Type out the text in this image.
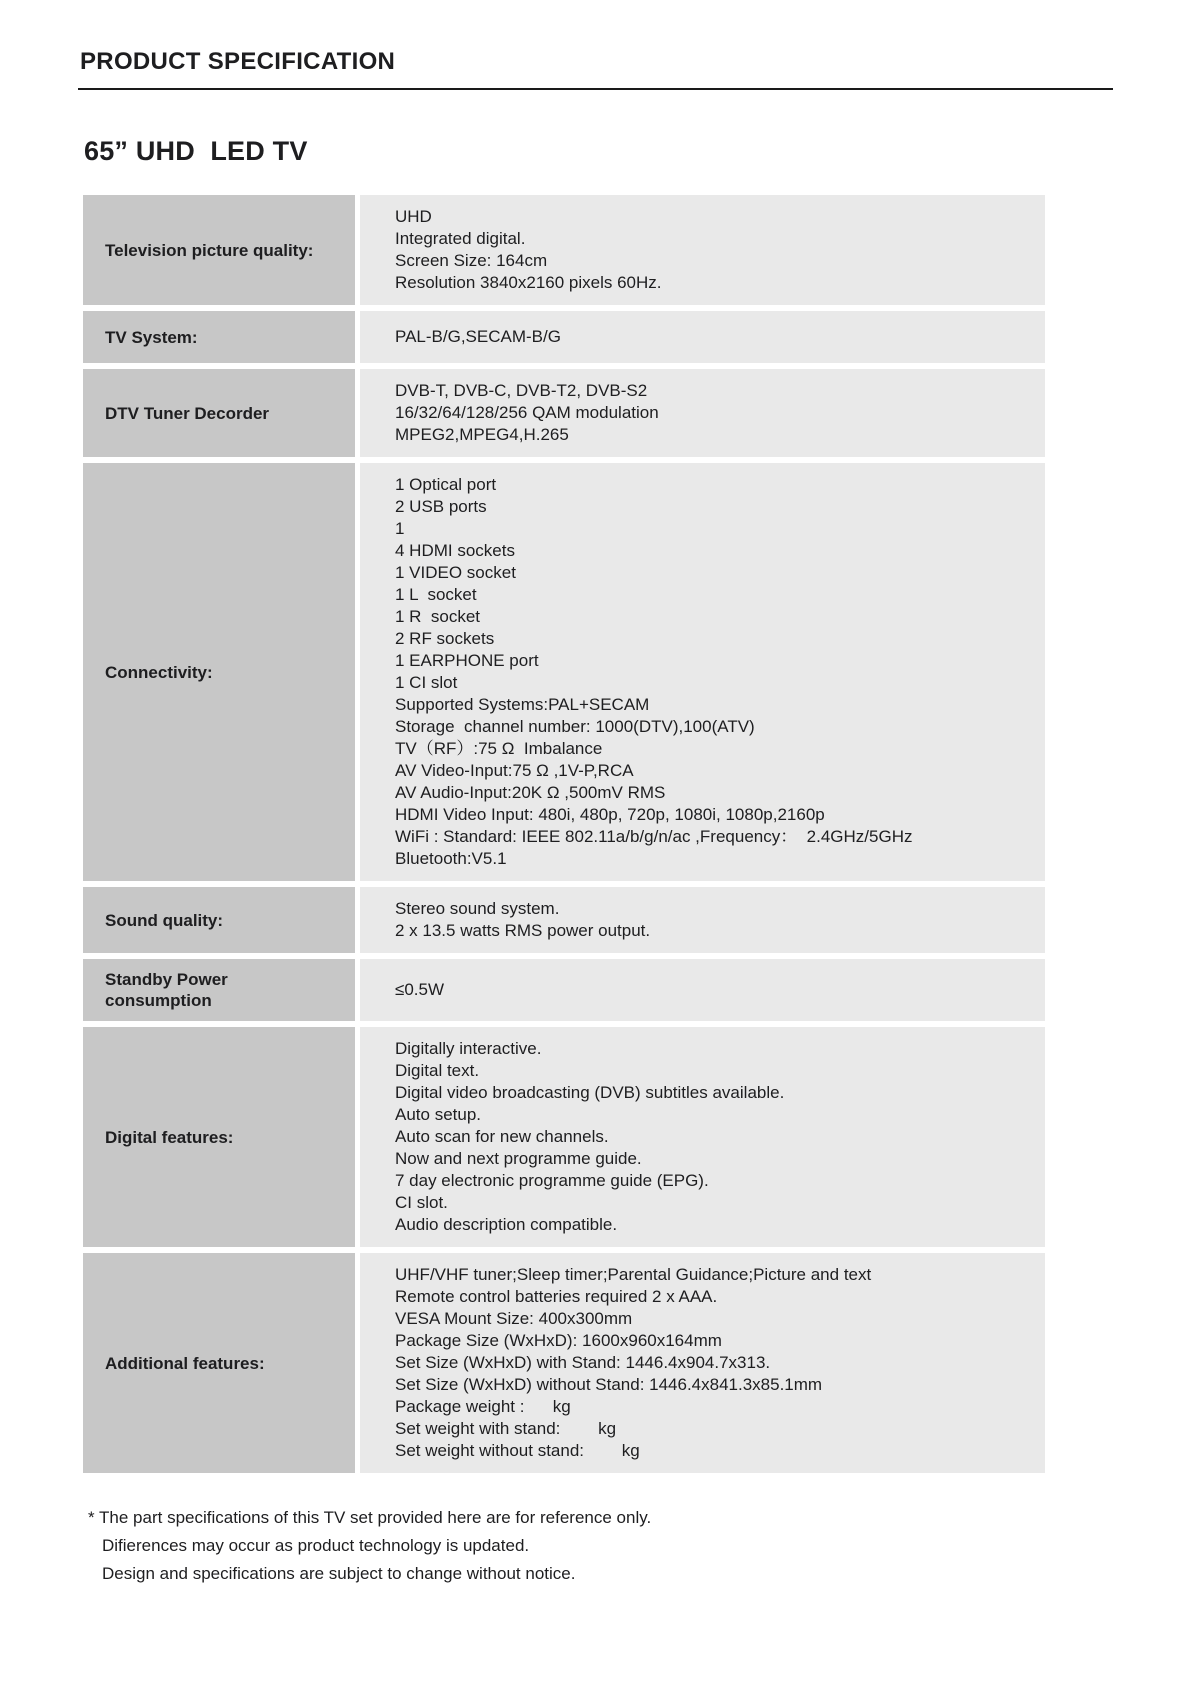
PRODUCT SPECIFICATION
65” UHD  LED TV
Television picture quality:
UHD
Integrated digital.
Screen Size: 164cm
Resolution 3840x2160 pixels 60Hz.
TV System:	PAL-B/G,SECAM-B/G
DTV Tuner Decorder
DVB-T, DVB-C, DVB-T2, DVB-S2
16/32/64/128/256 QAM modulation
MPEG2,MPEG4,H.265
Connectivity:
1 Optical port
2 USB ports
1
4 HDMI sockets
1 VIDEO socket
1 L  socket
1 R  socket
2 RF sockets
1 EARPHONE port
1 CI slot
Supported Systems:PAL+SECAM
Storage  channel number: 1000(DTV),100(ATV)
TV（RF）:75 Ω  Imbalance
AV Video-Input:75 Ω ,1V-P,RCA
AV Audio-Input:20K Ω ,500mV RMS
HDMI Video Input: 480i, 480p, 720p, 1080i, 1080p,2160p
WiFi : Standard: IEEE 802.11a/b/g/n/ac ,Frequency：  2.4GHz/5GHz
Bluetooth:V5.1
Sound quality:
Stereo sound system.
2 x 13.5 watts RMS power output.
Standby Power consumption
≤0.5W
Digital features:
Digitally interactive.
Digital text.
Digital video broadcasting (DVB) subtitles available.
Auto setup.
Auto scan for new channels.
Now and next programme guide.
7 day electronic programme guide (EPG).
CI slot.
Audio description compatible.
Additional features:
UHF/VHF tuner;Sleep timer;Parental Guidance;Picture and text
Remote control batteries required 2 x AAA.
VESA Mount Size: 400x300mm
Package Size (WxHxD): 1600x960x164mm
Set Size (WxHxD) with Stand: 1446.4x904.7x313.
Set Size (WxHxD) without Stand: 1446.4x841.3x85.1mm
Package weight :      kg
Set weight with stand:        kg
Set weight without stand:        kg

* The part specifications of this TV set provided here are for reference only.

Difierences may occur as product technology is updated.

Design and specifications are subject to change without notice.
